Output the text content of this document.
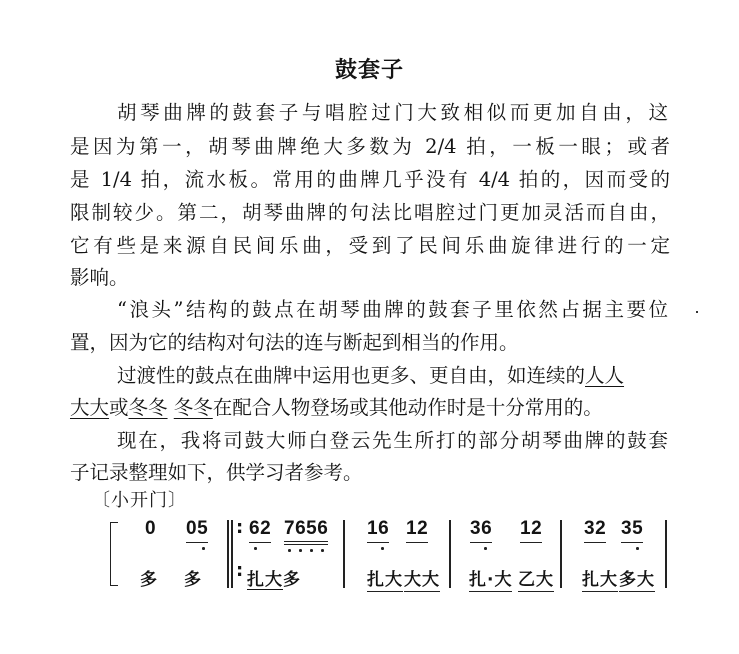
鼓套子
胡琴曲牌的鼓套子与唱腔过门大致相似而更加自由，这
是因为第一，胡琴曲牌绝大多数为 2/4 拍，一板一眼；或者
是 1/4 拍，流水板。常用的曲牌几乎没有 4/4 拍的，因而受的
限制较少。第二，胡琴曲牌的句法比唱腔过门更加灵活而自由，
它有些是来源自民间乐曲，受到了民间乐曲旋律进行的一定
影响。
“浪头”结构的鼓点在胡琴曲牌的鼓套子里依然占据主要位
置，因为它的结构对句法的连与断起到相当的作用。
过渡性的鼓点在曲牌中运用也更多、更自由，如连续的人人
大大或冬冬 冬冬在配合人物登场或其他动作时是十分常用的。
现在，我将司鼓大师白登云先生所打的部分胡琴曲牌的鼓套
子记录整理如下，供学习者参考。
〔小开门〕
0 05
多 多
:
:
62 7656
扎大多
16 12
扎大 大大
36 12
扎·大 乙大
32 35
扎大 多大
